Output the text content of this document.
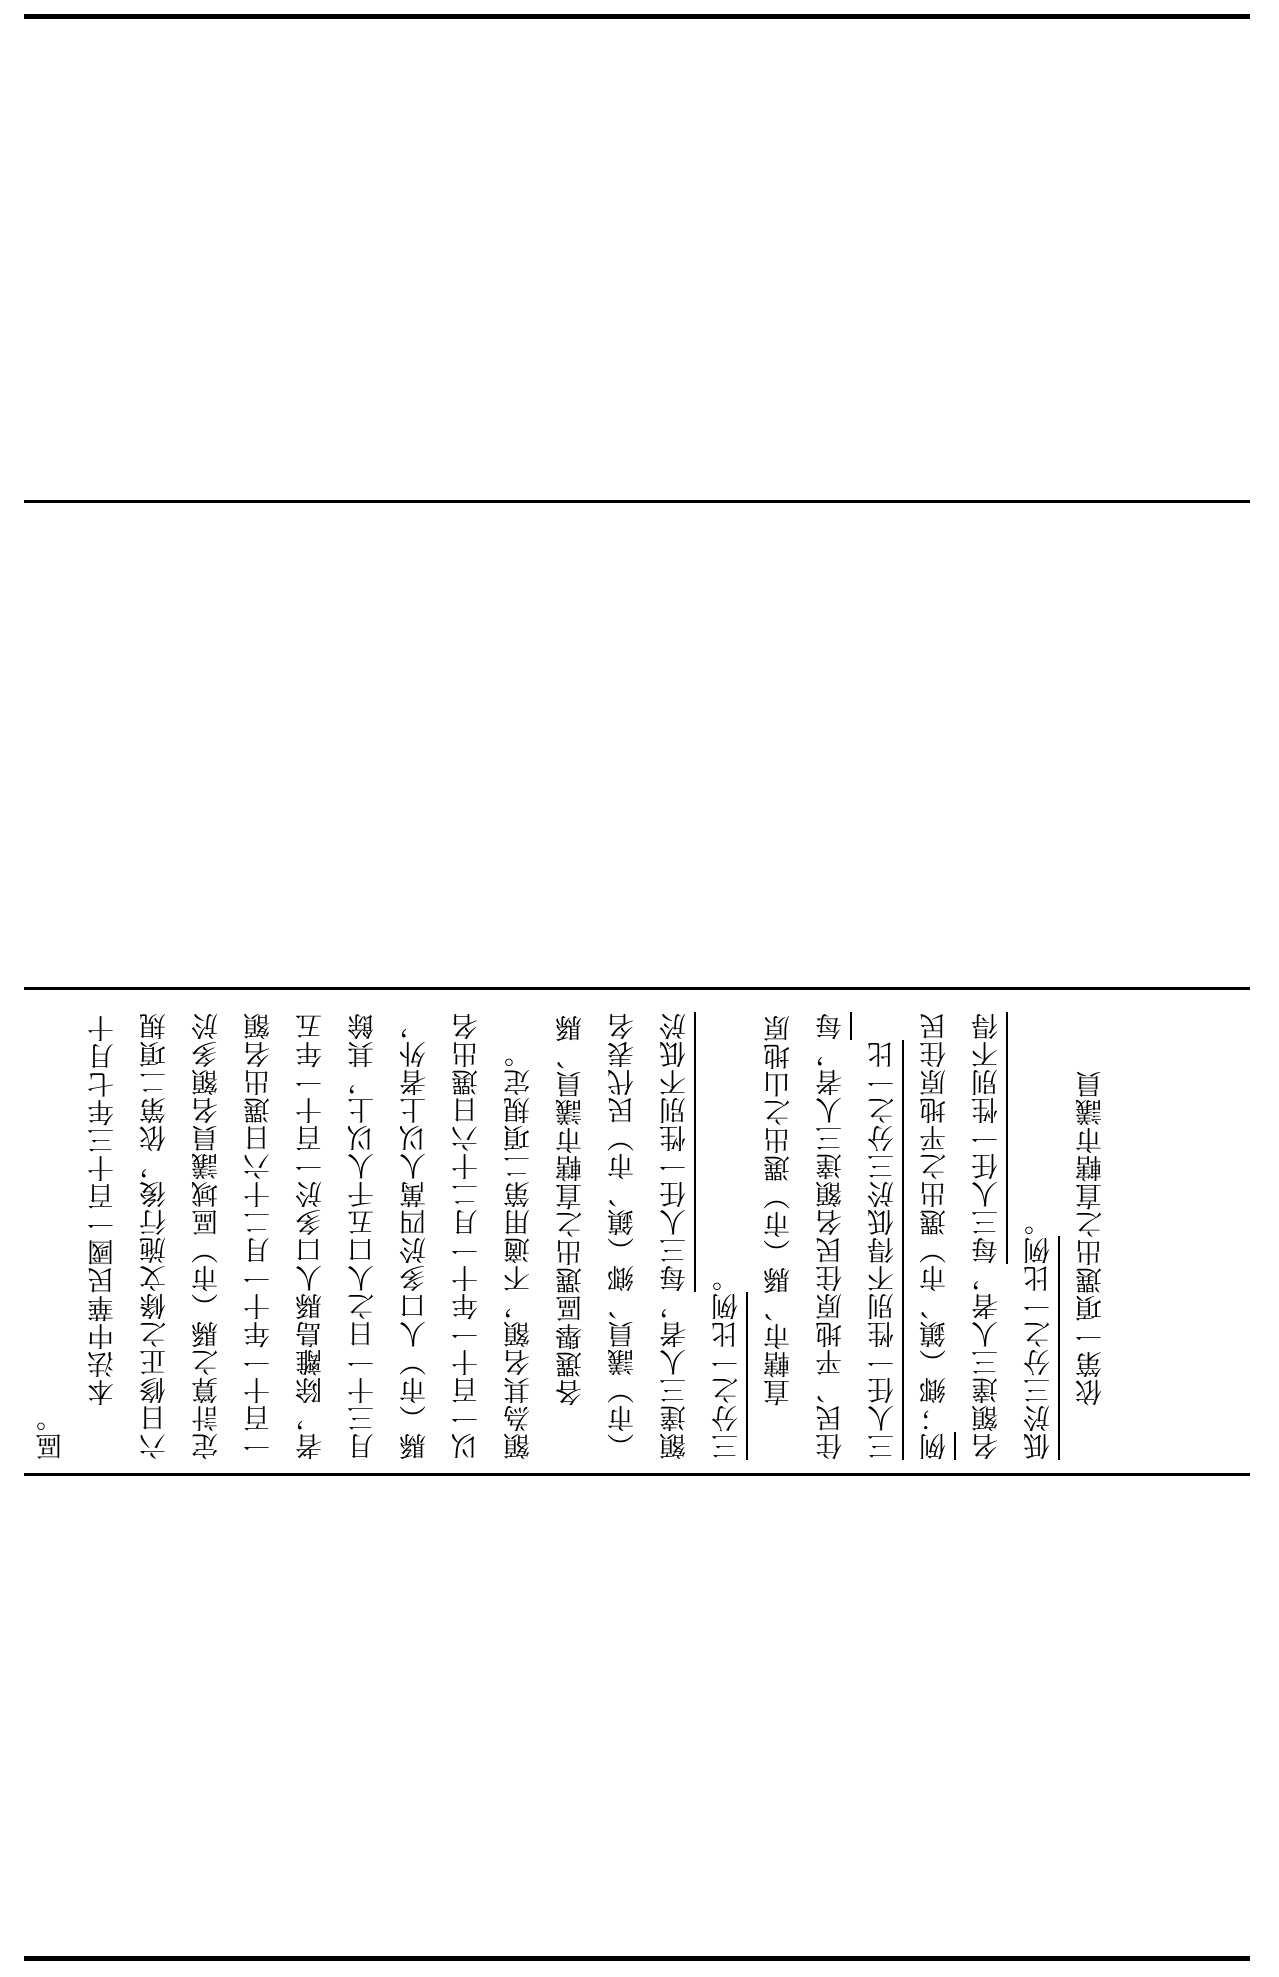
區。

本法中華民國一百十三年七月十六日修正之條文施行後，依第二項規定計算之縣（市）區域議員名額多於一百十一年十一月二十六日選出名額者，除離島縣人口多於一百十一年五月三十一日之人口五千人以上，其餘縣（市）人口多於四萬人以上者外，以一百十一年十一月二十六日選出名額為其名額，不適用第二項規定。 各選舉區選出之直轄市議員、縣（市）議員、鄉（鎮、市）民代表名額達三人者，每三人任一性別不低於三分之一比例。 直轄市、縣（市）選出之山地原住民、平地原住民名額達三人者，每三人任一性別不得低於三分之一比例；鄉（鎮、市）選出之平地原住民名額達三人者，每三人任一性別不得低於三分之一比例。 依第一項選出之直轄市議員
